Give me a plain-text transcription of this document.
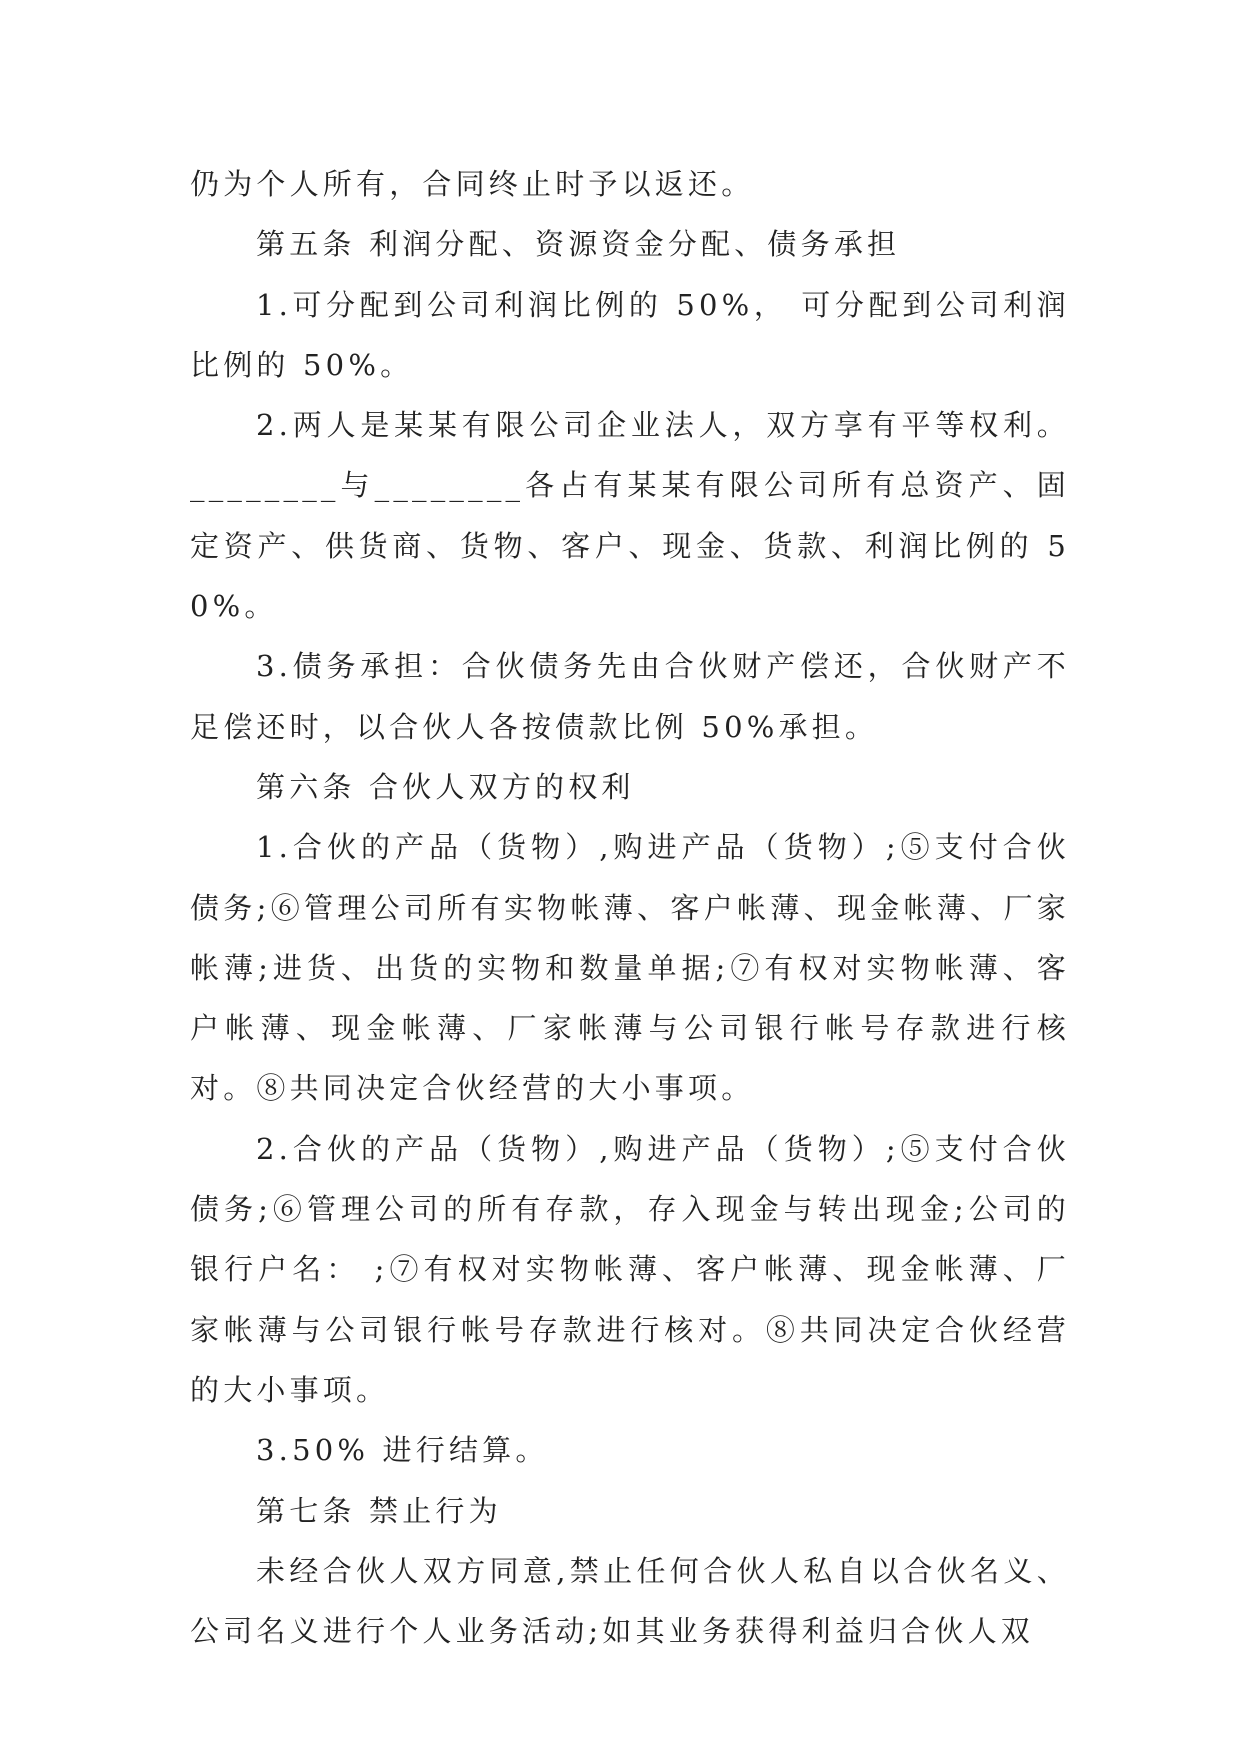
仍为个人所有，合同终止时予以返还。

第五条 利润分配、资源资金分配、债务承担

1.可分配到公司利润比例的 50%， 可分配到公司利润比例的 50%。

2.两人是某某有限公司企业法人，双方享有平等权利。________与________各占有某某有限公司所有总资产、固定资产、供货商、货物、客户、现金、货款、利润比例的 50%。

3.债务承担：合伙债务先由合伙财产偿还，合伙财产不足偿还时，以合伙人各按债款比例 50%承担。

第六条 合伙人双方的权利

1.合伙的产品（货物）,购进产品（货物）;⑤支付合伙债务;⑥管理公司所有实物帐薄、客户帐薄、现金帐薄、厂家帐薄;进货、出货的实物和数量单据;⑦有权对实物帐薄、客户帐薄、现金帐薄、厂家帐薄与公司银行帐号存款进行核对。⑧共同决定合伙经营的大小事项。

2.合伙的产品（货物）,购进产品（货物）;⑤支付合伙债务;⑥管理公司的所有存款，存入现金与转出现金;公司的银行户名： ;⑦有权对实物帐薄、客户帐薄、现金帐薄、厂家帐薄与公司银行帐号存款进行核对。⑧共同决定合伙经营的大小事项。

3.50% 进行结算。

第七条 禁止行为

未经合伙人双方同意,禁止任何合伙人私自以合伙名义、公司名义进行个人业务活动;如其业务获得利益归合伙人双
